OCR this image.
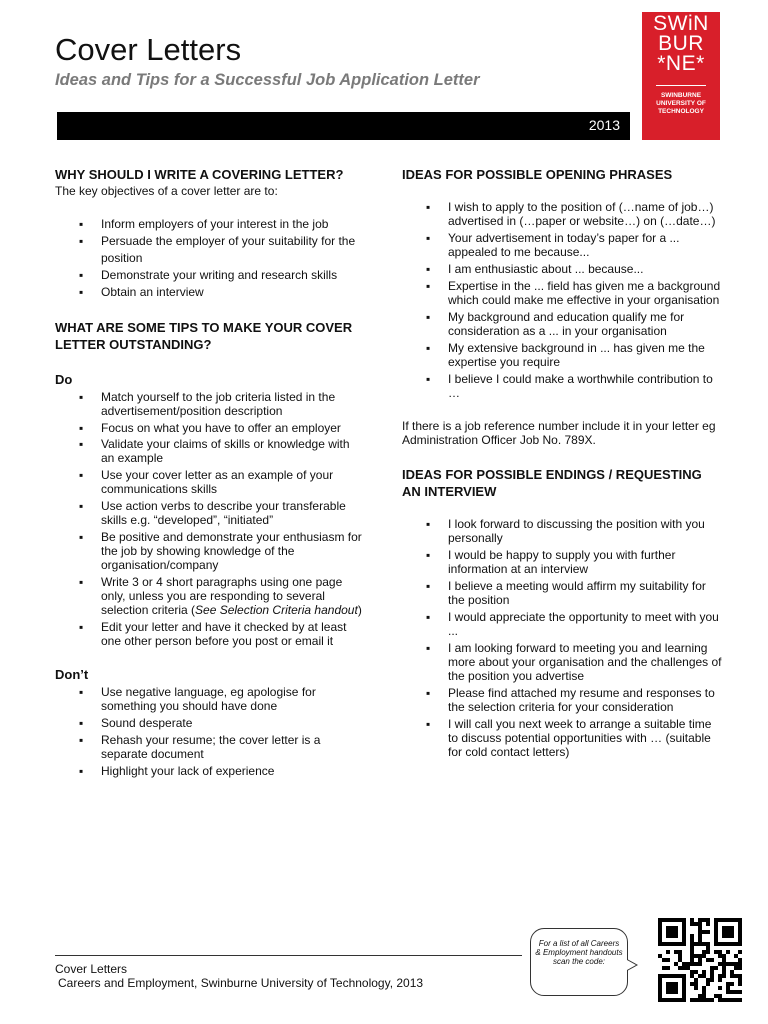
Cover Letters
Ideas and Tips for a Successful Job Application Letter
2013
SWiN
BUR
*NE*
SWINBURNE
UNIVERSITY OF
TECHNOLOGY
WHY SHOULD I WRITE A COVERING LETTER?

The key objectives of a cover letter are to:

▪ Inform employers of your interest in the job
▪ Persuade the employer of your suitability for the position
▪ Demonstrate your writing and research skills
▪ Obtain an interview
WHAT ARE SOME TIPS TO MAKE YOUR COVER LETTER OUTSTANDING?
Do
▪ Match yourself to the job criteria listed in the advertisement/position description
▪ Focus on what you have to offer an employer
▪ Validate your claims of skills or knowledge with an example
▪ Use your cover letter as an example of your communications skills
▪ Use action verbs to describe your transferable skills e.g. “developed”, “initiated”
▪ Be positive and demonstrate your enthusiasm for the job by showing knowledge of the organisation/company
▪ Write 3 or 4 short paragraphs using one page only, unless you are responding to several selection criteria (See Selection Criteria handout)
▪ Edit your letter and have it checked by at least one other person before you post or email it
Don’t
▪ Use negative language, eg apologise for something you should have done
▪ Sound desperate
▪ Rehash your resume; the cover letter is a separate document
▪ Highlight your lack of experience
IDEAS FOR POSSIBLE OPENING PHRASES
▪ I wish to apply to the position of (…name of job…) advertised in (…paper or website…) on (…date…)
▪ Your advertisement in today’s paper for a ... appealed to me because...
▪ I am enthusiastic about ... because...
▪ Expertise in the ... field has given me a background which could make me effective in your organisation
▪ My background and education qualify me for consideration as a ... in your organisation
▪ My extensive background in ... has given me the expertise you require
▪ I believe I could make a worthwhile contribution to …

If there is a job reference number include it in your letter eg Administration Officer Job No. 789X.

IDEAS FOR POSSIBLE ENDINGS / REQUESTING AN INTERVIEW
▪ I look forward to discussing the position with you personally
▪ I would be happy to supply you with further information at an interview
▪ I believe a meeting would affirm my suitability for the position
▪ I would appreciate the opportunity to meet with you ...
▪ I am looking forward to meeting you and learning more about your organisation and the challenges of the position you advertise
▪ Please find attached my resume and responses to the selection criteria for your consideration
▪ I will call you next week to arrange a suitable time to discuss potential opportunities with … (suitable for cold contact letters)
Cover Letters
Careers and Employment, Swinburne University of Technology, 2013
For a list of all Careers & Employment handouts scan the code:
